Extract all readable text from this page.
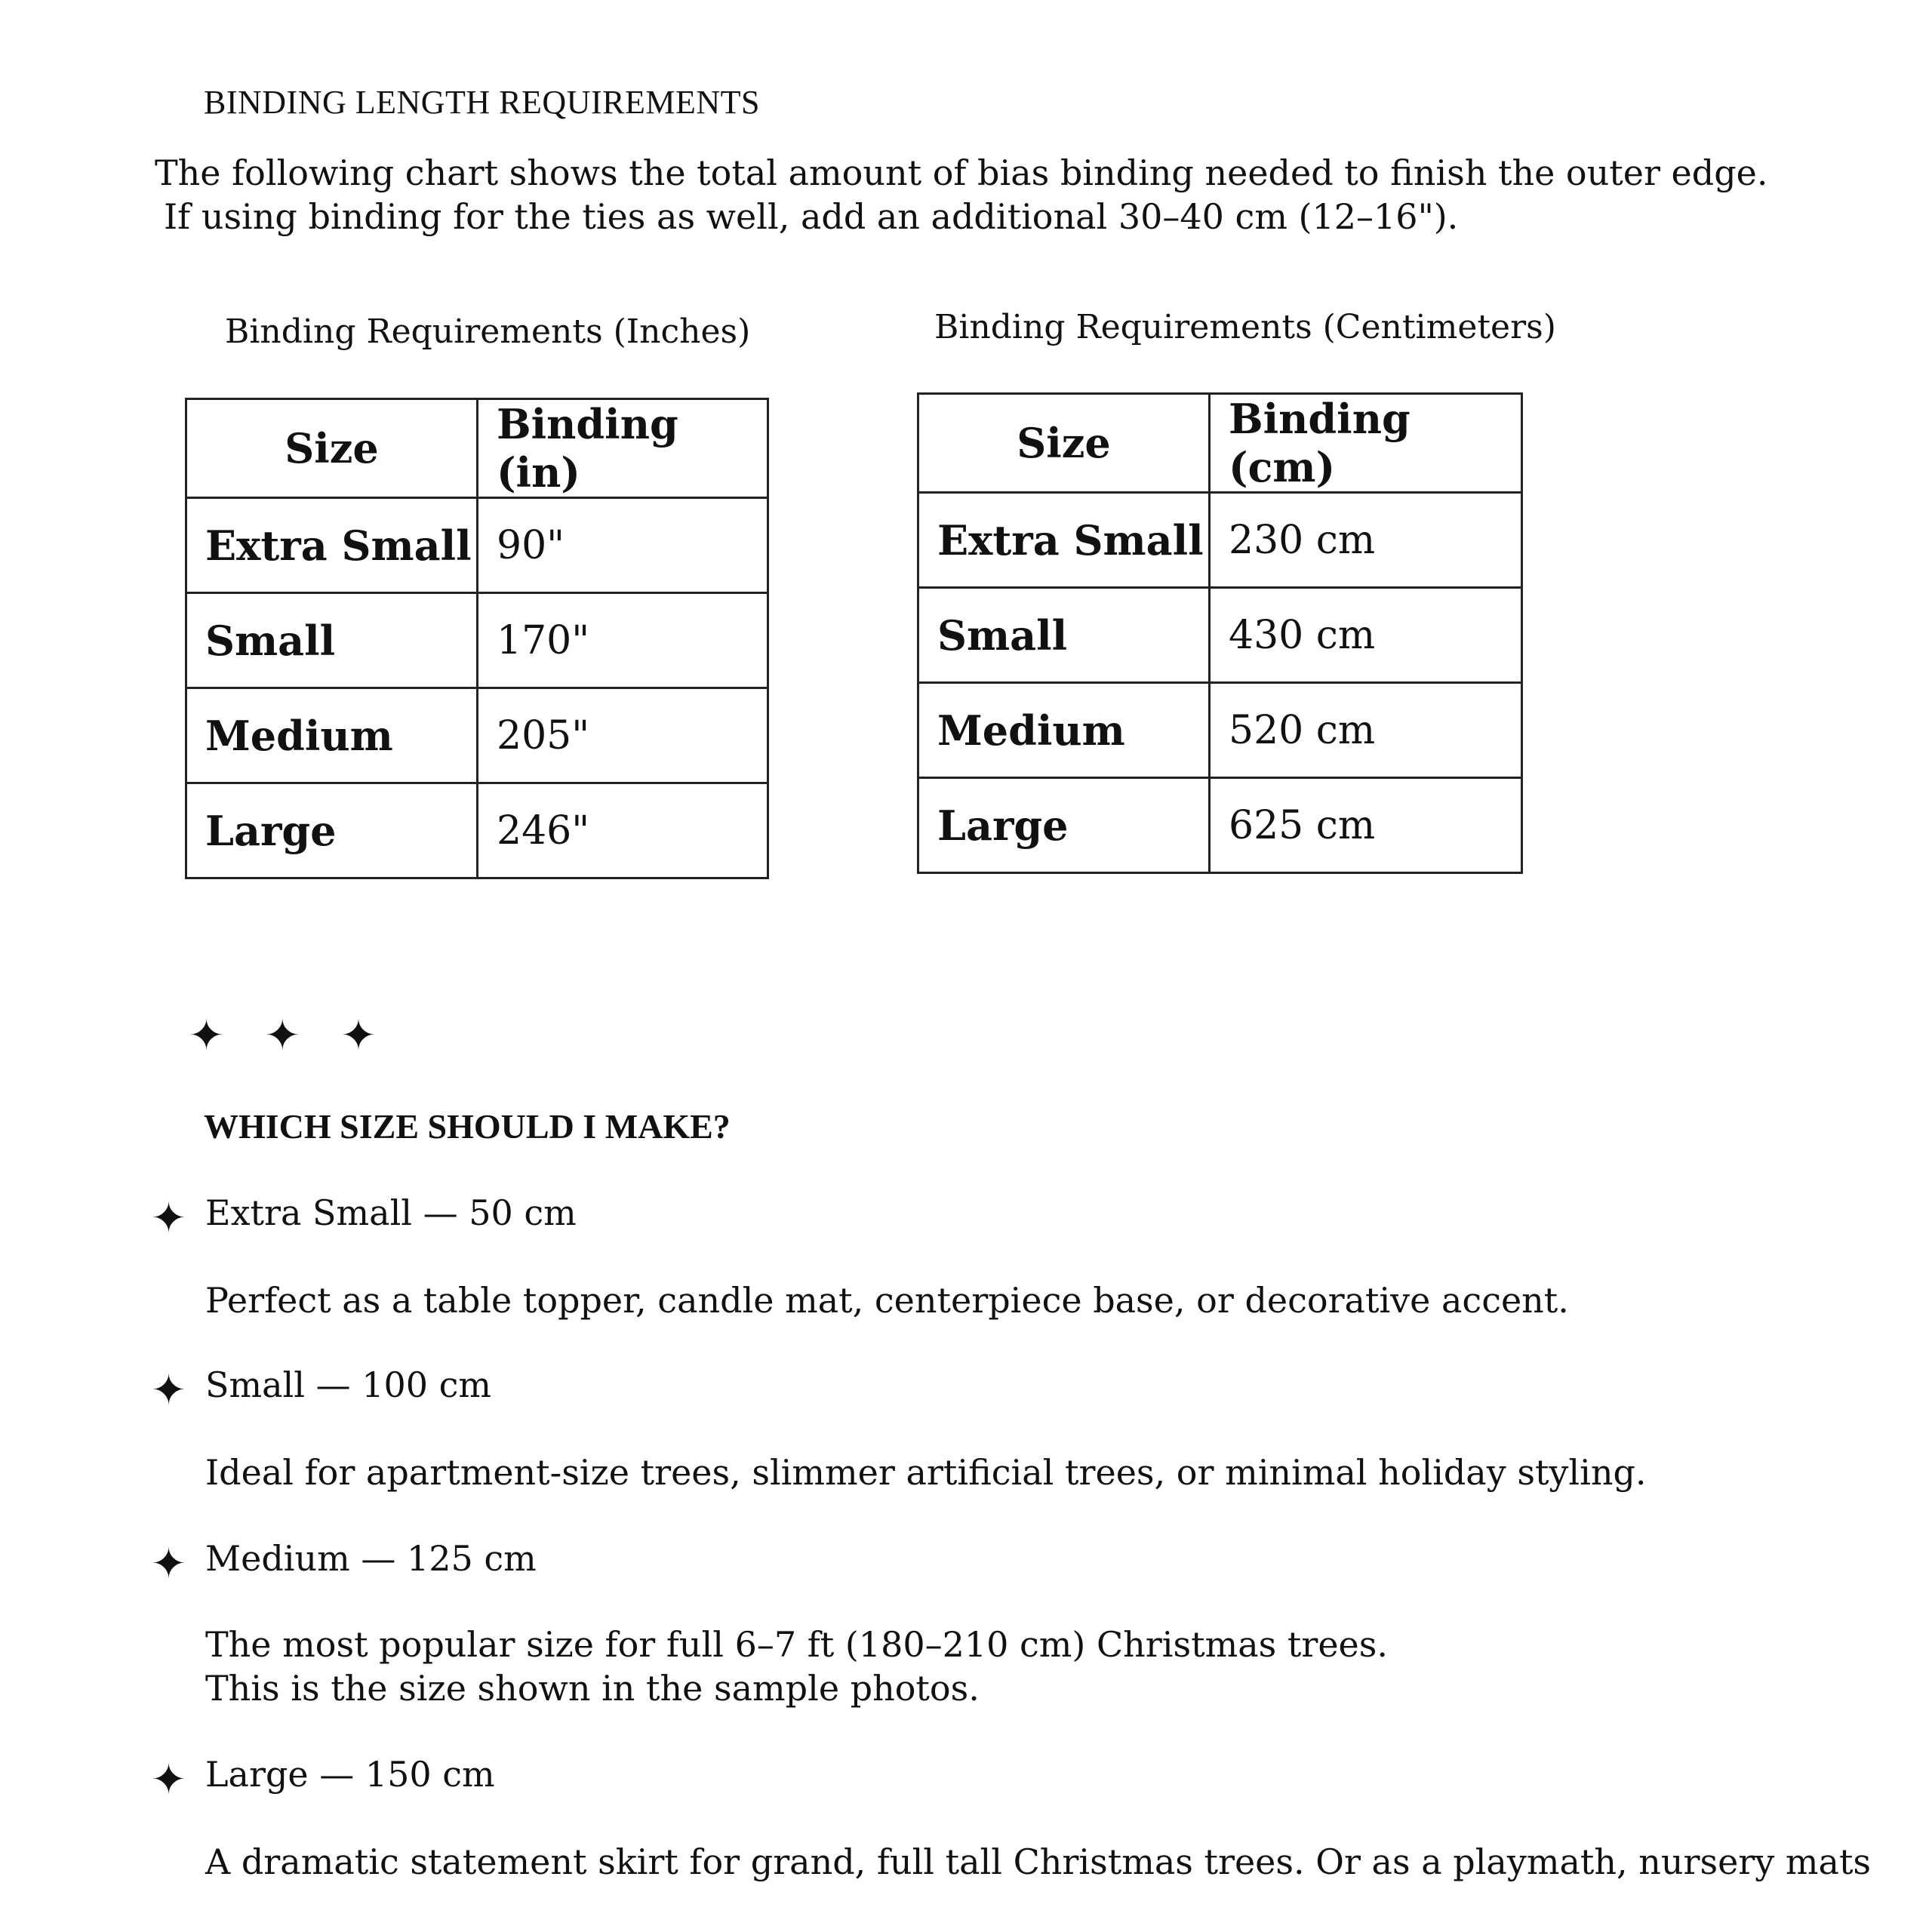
BINDING LENGTH REQUIREMENTS
The following chart shows the total amount of bias binding needed to finish the outer edge.
If using binding for the ties as well, add an additional 30–40 cm (12–16").
Binding Requirements (Inches)	Binding Requirements (Centimeters)
Size	Binding (in)
Extra Small	90"
Small	170"
Medium	205"
Large	246"
Size	Binding (cm)
Extra Small	230 cm
Small	430 cm
Medium	520 cm
Large	625 cm
✦ ✦ ✦
WHICH SIZE SHOULD I MAKE?
✦ Extra Small — 50 cm
Perfect as a table topper, candle mat, centerpiece base, or decorative accent.
✦ Small — 100 cm
Ideal for apartment-size trees, slimmer artificial trees, or minimal holiday styling.
✦ Medium — 125 cm
The most popular size for full 6–7 ft (180–210 cm) Christmas trees.
This is the size shown in the sample photos.
✦ Large — 150 cm
A dramatic statement skirt for grand, full tall Christmas trees. Or as a playmath, nursery mats
